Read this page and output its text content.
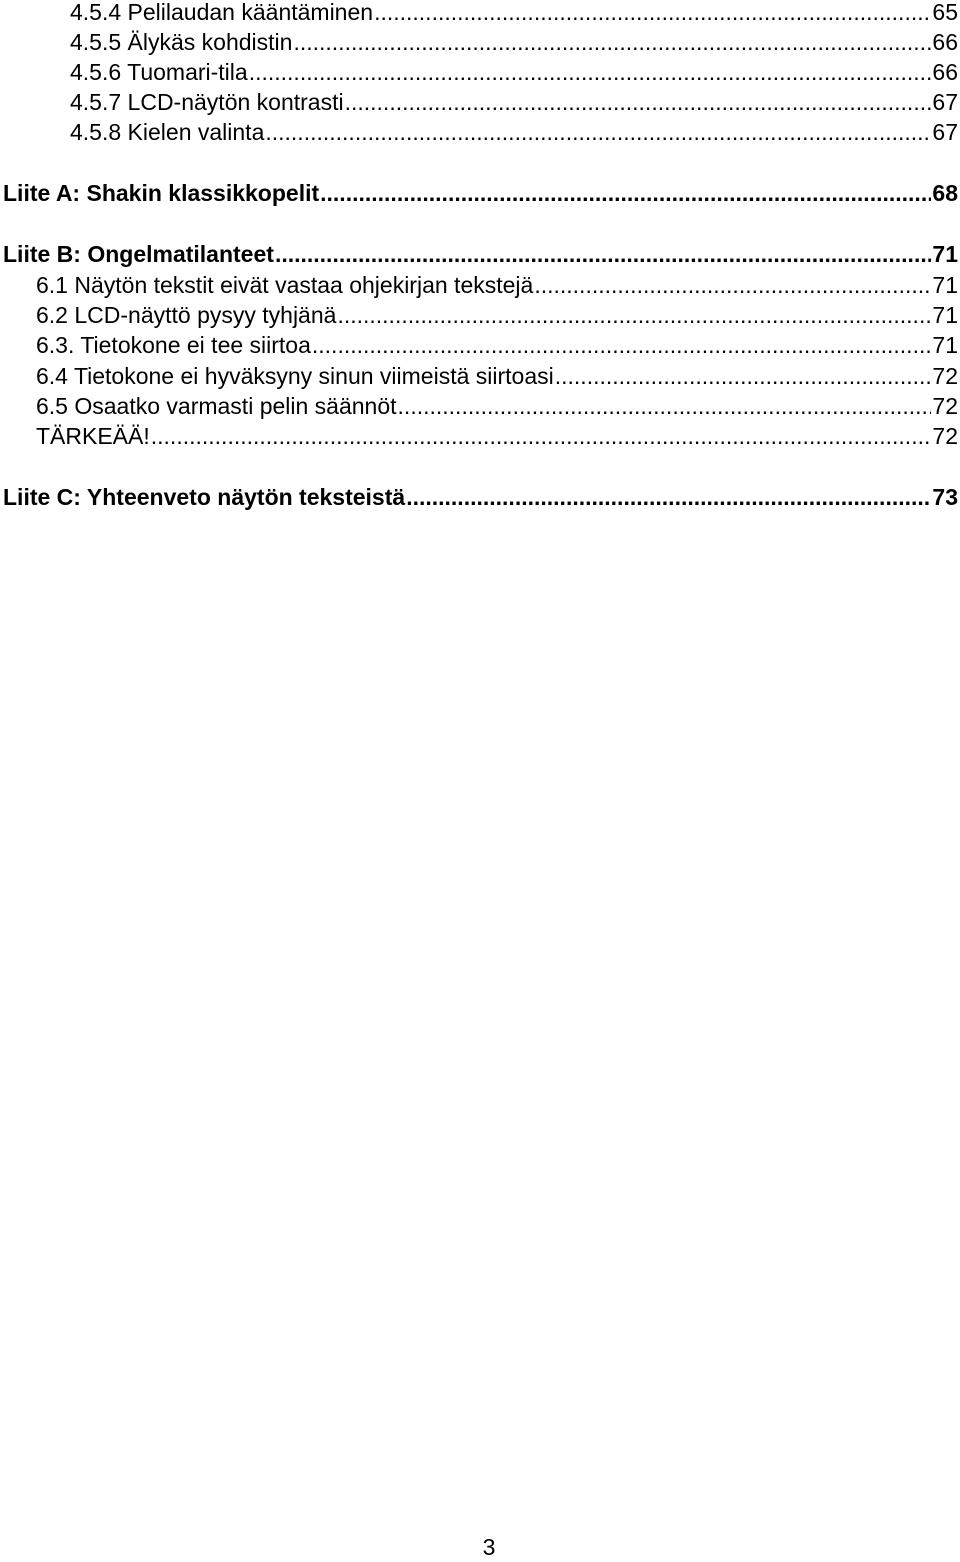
4.5.4 Pelilaudan kääntäminen .....	65
4.5.5 Älykäs kohdistin .....	66
4.5.6 Tuomari-tila .....	66
4.5.7 LCD-näytön kontrasti .....	67
4.5.8 Kielen valinta .....	67
Liite A: Shakin klassikkopelit .....	68
Liite B: Ongelmatilanteet .....	71
6.1 Näytön tekstit eivät vastaa ohjekirjan tekstejä .....	71
6.2 LCD-näyttö pysyy tyhjänä .....	71
6.3. Tietokone ei tee siirtoa .....	71
6.4 Tietokone ei hyväksyny sinun viimeistä siirtoasi .....	72
6.5 Osaatko varmasti pelin säännöt .....	72
TÄRKEÄÄ! .....	72
Liite C: Yhteenveto näytön teksteistä .....	73
3
